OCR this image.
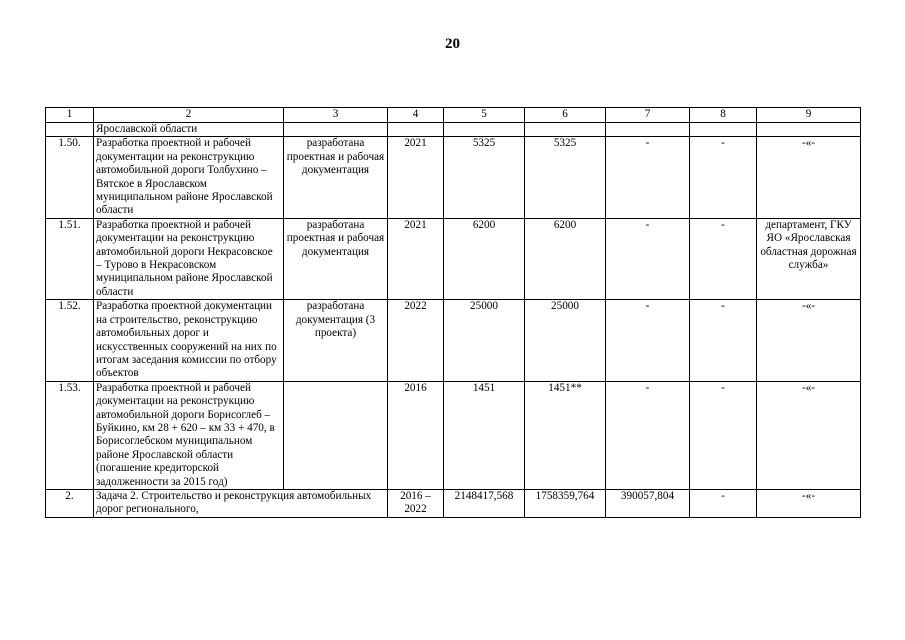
20
1	2	3	4	5	6	7	8	9
	Ярославской области							
1.50.	Разработка проектной и рабочей документации на реконструкцию автомобильной дороги Толбухино – Вятское в Ярославском муниципальном районе Ярославской области	разработана проектная и рабочая документация	2021	5325	5325	-	-	-«-
1.51.	Разработка проектной и рабочей документации на реконструкцию автомобильной дороги Некрасовское – Турово в Некрасовском муниципальном районе Ярославской области	разработана проектная и рабочая документация	2021	6200	6200	-	-	департамент, ГКУ ЯО «Ярославская областная дорожная служба»
1.52.	Разработка проектной документации на строительство, реконструкцию автомобильных дорог и искусственных сооружений на них по итогам заседания комиссии по отбору объектов	разработана документация (3 проекта)	2022	25000	25000	-	-	-«-
1.53.	Разработка проектной и рабочей документации на реконструкцию автомобильной дороги Борисоглеб – Буйкино, км 28 + 620 – км 33 + 470, в Борисоглебском муниципальном районе Ярославской области (погашение кредиторской задолженности за 2015 год)		2016	1451	1451**	-	-	-«-
2.	Задача 2. Строительство и реконструкция автомобильных дорог регионального,		2016 – 2022	2148417,568	1758359,764	390057,804	-	-«-
